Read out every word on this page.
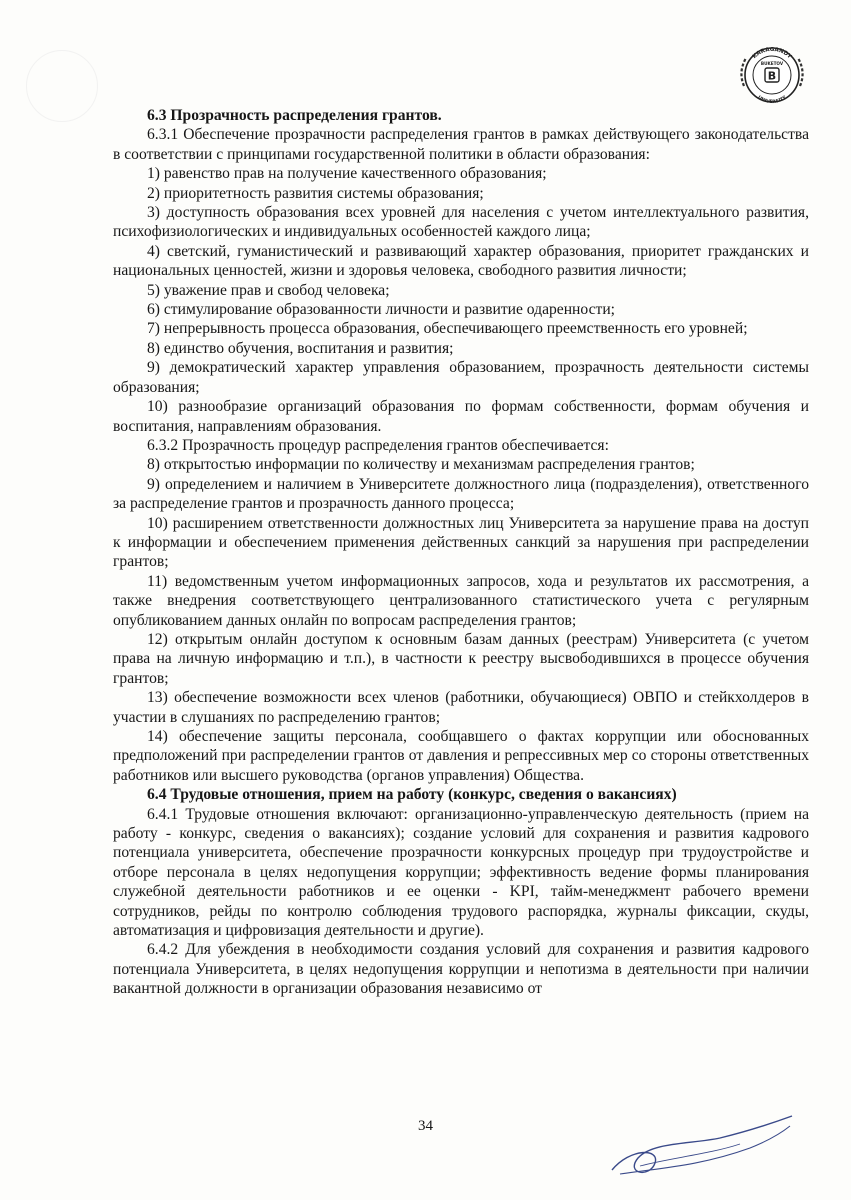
KARAGANDY
UNIVERSITY
BUKETOV
B

6.3 Прозрачность распределения грантов.

6.3.1 Обеспечение прозрачности распределения грантов в рамках действующего законодательства в соответствии с принципами государственной политики в области образования:

1) равенство прав на получение качественного образования;

2) приоритетность развития системы образования;

3) доступность образования всех уровней для населения с учетом интеллектуального развития, психофизиологических и индивидуальных особенностей каждого лица;

4) светский, гуманистический и развивающий характер образования, приоритет гражданских и национальных ценностей, жизни и здоровья человека, свободного развития личности;

5) уважение прав и свобод человека;

6) стимулирование образованности личности и развитие одаренности;

7) непрерывность процесса образования, обеспечивающего преемственность его уровней;

8) единство обучения, воспитания и развития;

9) демократический характер управления образованием, прозрачность деятельности системы образования;

10) разнообразие организаций образования по формам собственности, формам обучения и воспитания, направлениям образования.

6.3.2 Прозрачность процедур распределения грантов обеспечивается:

8) открытостью информации по количеству и механизмам распределения грантов;

9) определением и наличием в Университете должностного лица (подразделения), ответственного за распределение грантов и прозрачность данного процесса;

10) расширением ответственности должностных лиц Университета за нарушение права на доступ к информации и обеспечением применения действенных санкций за нарушения при распределении грантов;

11) ведомственным учетом информационных запросов, хода и результатов их рассмотрения, а также внедрения соответствующего централизованного статистического учета с регулярным опубликованием данных онлайн по вопросам распределения грантов;

12) открытым онлайн доступом к основным базам данных (реестрам) Университета (с учетом права на личную информацию и т.п.), в частности к реестру высвободившихся в процессе обучения грантов;

13) обеспечение возможности всех членов (работники, обучающиеся) ОВПО и стейкхолдеров в участии в слушаниях по распределению грантов;

14) обеспечение защиты персонала, сообщавшего о фактах коррупции или обоснованных предположений при распределении грантов от давления и репрессивных мер со стороны ответственных работников или высшего руководства (органов управления) Общества.

6.4 Трудовые отношения, прием на работу (конкурс, сведения о вакансиях)

6.4.1 Трудовые отношения включают: организационно-управленческую деятельность (прием на работу - конкурс, сведения о вакансиях); создание условий для сохранения и развития кадрового потенциала университета, обеспечение прозрачности конкурсных процедур при трудоустройстве и отборе персонала в целях недопущения коррупции; эффективность ведение формы планирования служебной деятельности работников и ее оценки - KPI, тайм-менеджмент рабочего времени сотрудников, рейды по контролю соблюдения трудового распорядка, журналы фиксации, скуды, автоматизация и цифровизация деятельности и другие).

6.4.2 Для убеждения в необходимости создания условий для сохранения и развития кадрового потенциала Университета, в целях недопущения коррупции и непотизма в деятельности при наличии вакантной должности в организации образования независимо от

34
